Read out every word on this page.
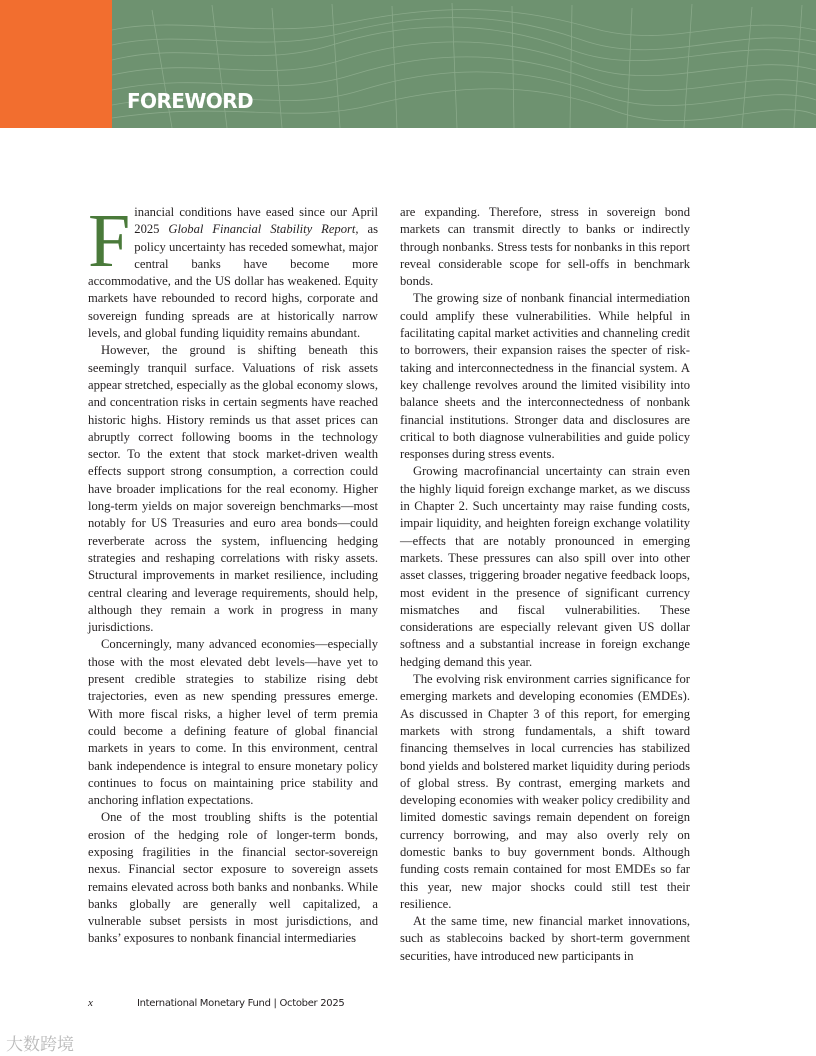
FOREWORD

Financial conditions have eased since our April 2025 Global Financial Stability Report, as policy uncertainty has receded somewhat, major central banks have become more accommodative, and the US dollar has weakened. Equity markets have rebounded to record highs, corporate and sovereign funding spreads are at historically narrow levels, and global funding liquidity remains abundant.

However, the ground is shifting beneath this seemingly tranquil surface. Valuations of risk assets appear stretched, especially as the global economy slows, and concentration risks in certain segments have reached historic highs. History reminds us that asset prices can abruptly correct following booms in the technology sector. To the extent that stock market-driven wealth effects support strong consumption, a correction could have broader implications for the real economy. Higher long-term yields on major sovereign benchmarks—most notably for US Treasuries and euro area bonds—could reverberate across the system, influencing hedging strategies and reshaping correlations with risky assets. Structural improvements in market resilience, including central clearing and leverage requirements, should help, although they remain a work in progress in many jurisdictions.

Concerningly, many advanced economies—especially those with the most elevated debt levels—have yet to present credible strategies to stabilize rising debt trajectories, even as new spending pressures emerge. With more fiscal risks, a higher level of term premia could become a defining feature of global financial markets in years to come. In this environment, central bank independence is integral to ensure monetary policy continues to focus on maintaining price stability and anchoring inflation expectations.

One of the most troubling shifts is the potential erosion of the hedging role of longer-term bonds, exposing fragilities in the financial sector-sovereign nexus. Financial sector exposure to sovereign assets remains elevated across both banks and nonbanks. While banks globally are generally well capitalized, a vulnerable subset persists in most jurisdictions, and banks’ exposures to nonbank financial intermediaries

are expanding. Therefore, stress in sovereign bond markets can transmit directly to banks or indirectly through nonbanks. Stress tests for nonbanks in this report reveal considerable scope for sell-offs in benchmark bonds.

The growing size of nonbank financial intermediation could amplify these vulnerabilities. While helpful in facilitating capital market activities and channeling credit to borrowers, their expansion raises the specter of risk-taking and interconnectedness in the financial system. A key challenge revolves around the limited visibility into balance sheets and the interconnectedness of nonbank financial institutions. Stronger data and disclosures are critical to both diagnose vulnerabilities and guide policy responses during stress events.

Growing macrofinancial uncertainty can strain even the highly liquid foreign exchange market, as we discuss in Chapter 2. Such uncertainty may raise funding costs, impair liquidity, and heighten foreign exchange volatility—effects that are notably pronounced in emerging markets. These pressures can also spill over into other asset classes, triggering broader negative feedback loops, most evident in the presence of significant currency mismatches and fiscal vulnerabilities. These considerations are especially relevant given US dollar softness and a substantial increase in foreign exchange hedging demand this year.

The evolving risk environment carries significance for emerging markets and developing economies (EMDEs). As discussed in Chapter 3 of this report, for emerging markets with strong fundamentals, a shift toward financing themselves in local currencies has stabilized bond yields and bolstered market liquidity during periods of global stress. By contrast, emerging markets and developing economies with weaker policy credibility and limited domestic savings remain dependent on foreign currency borrowing, and may also overly rely on domestic banks to buy government bonds. Although funding costs remain contained for most EMDEs so far this year, new major shocks could still test their resilience.

At the same time, new financial market innovations, such as stablecoins backed by short-term government securities, have introduced new participants in

x	International Monetary Fund | October 2025
大数跨境
